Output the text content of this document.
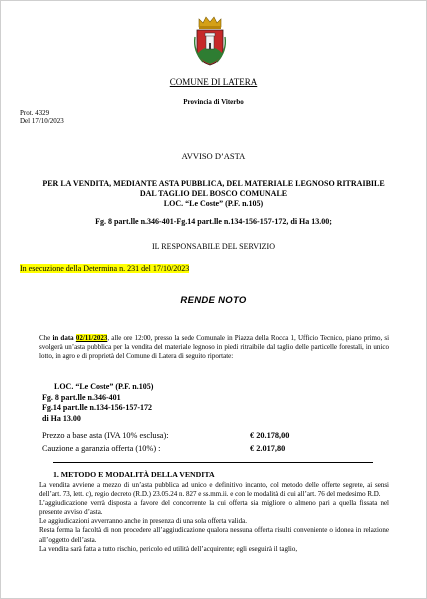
COMUNE DI LATERA
Provincia di Viterbo
Prot. 4329
Del 17/10/2023
AVVISO D’ASTA
PER LA VENDITA, MEDIANTE ASTA PUBBLICA, DEL MATERIALE LEGNOSO RITRAIBILE DAL TAGLIO DEL BOSCO COMUNALE
LOC. “Le Coste” (P.F. n.105)
Fg. 8 part.lle n.346-401-Fg.14 part.lle n.134-156-157-172, di Ha 13.00;
IL RESPONSABILE DEL SERVIZIO
In esecuzione della Determina n. 231 del 17/10/2023
RENDE NOTO
Che in data 02/11/2023, alle ore 12:00, presso la sede Comunale in Piazza della Rocca 1, Ufficio Tecnico, piano primo, si svolgerà un’asta pubblica per la vendita del materiale legnoso in piedi ritraibile dal taglio delle particelle forestali, in unico lotto, in agro e di proprietà del Comune di Latera di seguito riportate:
LOC. “Le Coste” (P.F. n.105)
Fg. 8 part.lle n.346-401
Fg.14 part.lle n.134-156-157-172
di Ha 13.00
Prezzo a base asta (IVA 10% esclusa):	€ 20.178,00
Cauzione a garanzia offerta (10%) :	€ 2.017,80
1. METODO E MODALITÀ DELLA VENDITA
La vendita avviene a mezzo di un’asta pubblica ad unico e definitivo incanto, col metodo delle offerte segrete, ai sensi dell’art. 73, lett. c), regio decreto (R.D.) 23.05.24 n. 827 e ss.mm.ii. e con le modalità di cui all’art. 76 del medesimo R.D.
L’aggiudicazione verrà disposta a favore del concorrente la cui offerta sia migliore o almeno pari a quella fissata nel presente avviso d’asta.
Le aggiudicazioni avverranno anche in presenza di una sola offerta valida.
Resta ferma la facoltà di non procedere all’aggiudicazione qualora nessuna offerta risulti conveniente o idonea in relazione all’oggetto dell’asta.
La vendita sarà fatta a tutto rischio, pericolo ed utilità dell’acquirente; egli eseguirà il taglio,
